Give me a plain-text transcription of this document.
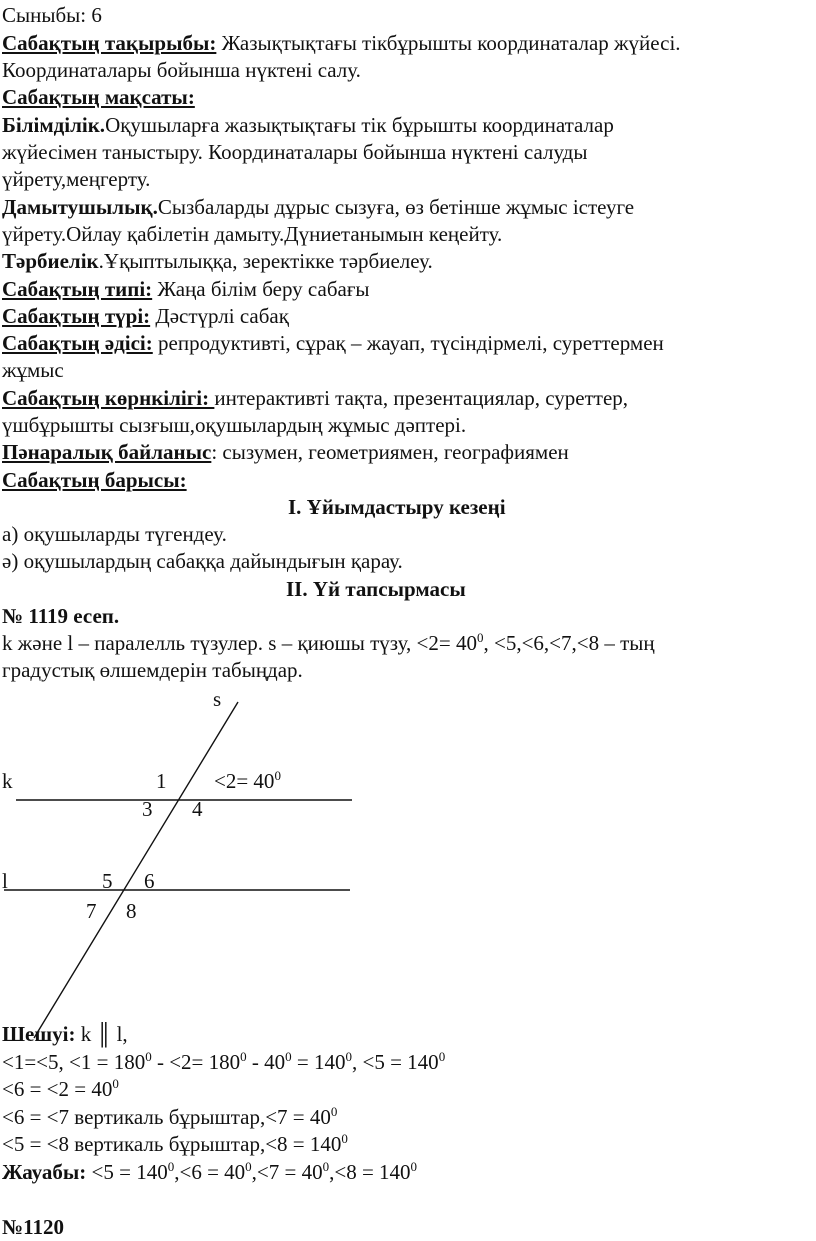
Сыныбы: 6
Сабақтың тақырыбы: Жазықтықтағы тікбұрышты координаталар жүйесі.
Координаталары бойынша нүктені салу.
Сабақтың мақсаты:
Білімділік.Оқушыларға жазықтықтағы тік бұрышты координаталар
жүйесімен таныстыру. Координаталары бойынша нүктені салуды
үйрету,меңгерту.
Дамытушылық.Сызбаларды дұрыс сызуға, өз бетінше жұмыс істеуге
үйрету.Ойлау қабілетін дамыту.Дүниетанымын кеңейту.
Тәрбиелік.Ұқыптылыққа, зеректікке тәрбиелеу.
Сабақтың типі: Жаңа білім беру сабағы
Сабақтың түрі: Дәстүрлі сабақ
Сабақтың әдісі: репродуктивті, сұрақ – жауап, түсіндірмелі, суреттермен
жұмыс
Сабақтың көрнкілігі: интерактивті тақта, презентациялар, суреттер,
үшбұрышты сызғыш,оқушылардың жұмыс дәптері.
Пәнаралық байланыс: сызумен, геометриямен, географиямен
Сабақтың барысы:
I. Ұйымдастыру кезеңі
а) оқушыларды түгендеу.
ә) оқушылардың сабаққа дайындығын қарау.
II. Үй тапсырмасы
№ 1119 есеп.
k және l – паралелль түзулер. s – қиюшы түзу, $<2= 40^0$, <5,<6,<7,<8 – тың
градустық өлшемдерін табыңдар.
s
k
l
$1 <2= 40^0$
3 4
5 6
7 8
Шешуі: k ║ l,
<1=<5, $<1 = 180^0 - <2= 180^0 - 40^0 = 140^0$, $<5 = 140^0$
$<6 = <2 = 40^0$
<6 = <7 вертикаль бұрыштар,<7 = $40^0$
<5 = <8 вертикаль бұрыштар,<8 = $140^0$
Жауабы: $<5 = 140^0,<6 = 40^0,<7 = 40^0,<8 = 140^0$
№1120
